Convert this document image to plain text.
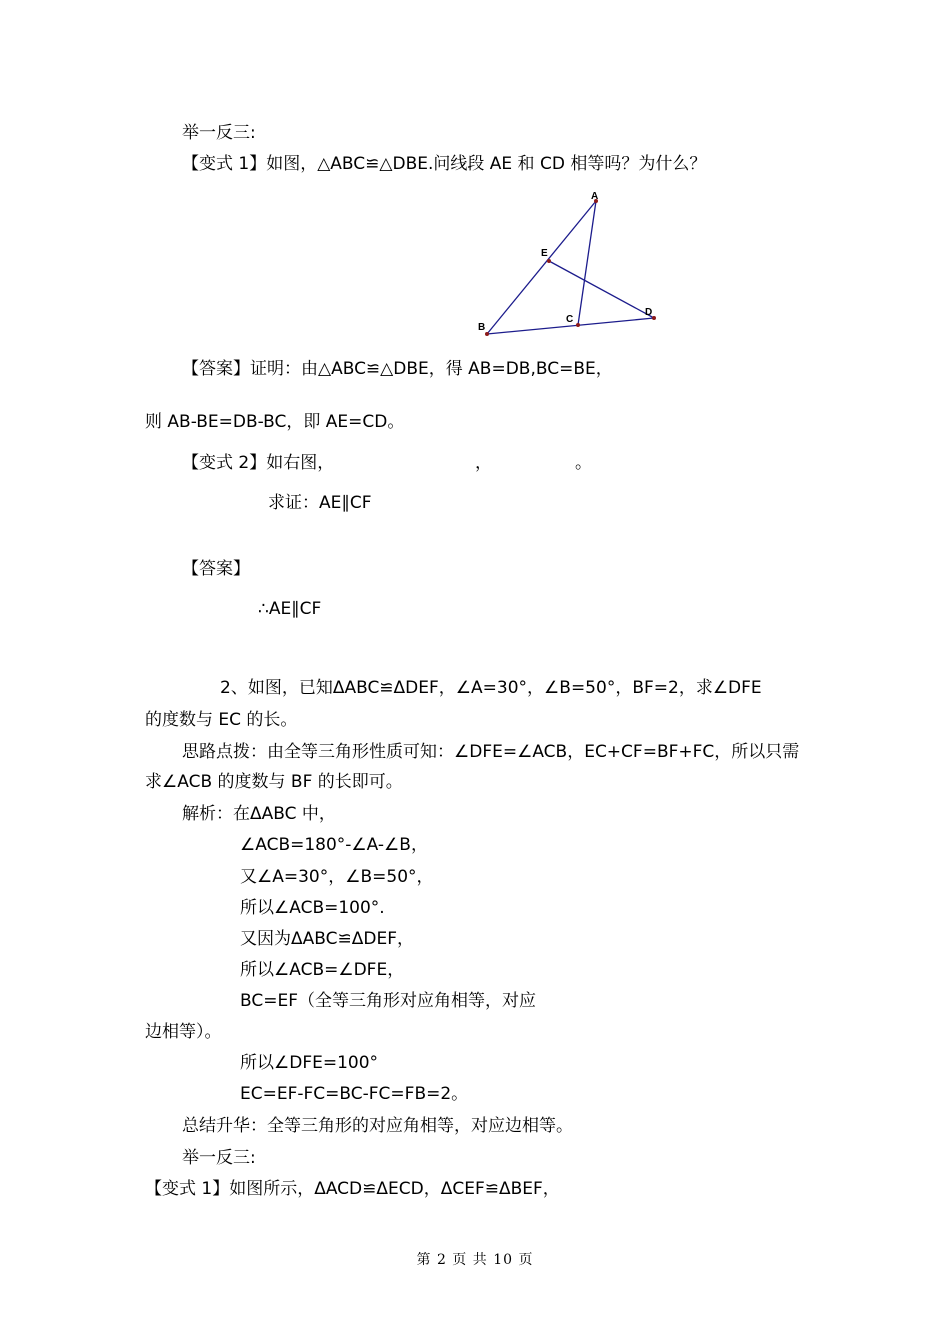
举一反三:
【变式 1】如图，△ABC≌△DBE.问线段 AE 和 CD 相等吗？为什么？
A
E
B
C
D
【答案】证明：由△ABC≌△DBE，得 AB=DB,BC=BE，
则 AB-BE=DB-BC，即 AE=CD。
【变式 2】如右图，	，	。
求证：AE∥CF
【答案】
∴AE∥CF
2、如图，已知ΔABC≌ΔDEF，∠A=30°，∠B=50°，BF=2，求∠DFE
的度数与 EC 的长。
思路点拨：由全等三角形性质可知：∠DFE=∠ACB，EC+CF=BF+FC，所以只需
求∠ACB 的度数与 BF 的长即可。
解析：在ΔABC 中，
∠ACB=180°-∠A-∠B，
又∠A=30°，∠B=50°，
所以∠ACB=100°.
又因为ΔABC≌ΔDEF，
所以∠ACB=∠DFE，
BC=EF（全等三角形对应角相等，对应
边相等）。
所以∠DFE=100°
EC=EF-FC=BC-FC=FB=2。
总结升华：全等三角形的对应角相等，对应边相等。
举一反三:
【变式 1】如图所示，ΔACD≌ΔECD，ΔCEF≌ΔBEF，
第 2 页 共 10 页
